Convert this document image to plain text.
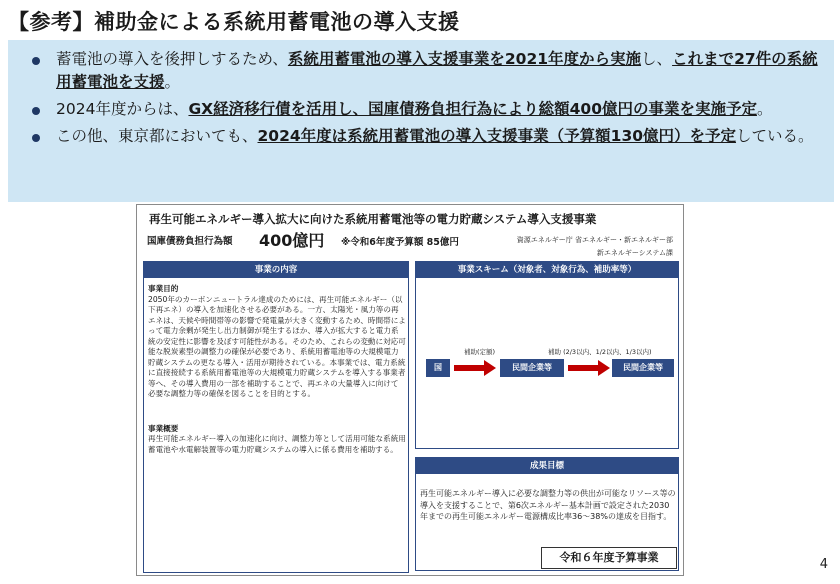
【参考】補助金による系統用蓄電池の導入支援
蓄電池の導入を後押しするため、系統用蓄電池の導入支援事業を2021年度から実施し、これまで27件の系統用蓄電池を支援。
2024年度からは、GX経済移行債を活用し、国庫債務負担行為により総額400億円の事業を実施予定。
この他、東京都においても、2024年度は系統用蓄電池の導入支援事業（予算額130億円）を予定している。
再生可能エネルギー導入拡大に向けた系統用蓄電池等の電力貯蔵システム導入支援事業
国庫債務負担行為額 400億円 ※令和6年度予算額 85億円	資源エネルギー庁 省エネルギー・新エネルギー部
新エネルギーシステム課
事業の内容
事業目的
2050年のカーボンニュートラル達成のためには、再生可能エネルギー（以下再エネ）の導入を加速化させる必要がある。一方、太陽光・風力等の再エネは、天候や時間帯等の影響で発電量が大きく変動するため、時間帯によって電力余剰が発生し出力制御が発生するほか、導入が拡大すると電力系統の安定性に影響を及ぼす可能性がある。そのため、これらの変動に対応可能な脱炭素型の調整力の確保が必要であり、系統用蓄電池等の大規模電力貯蔵システムの更なる導入・活用が期待されている。本事業では、電力系統に直接接続する系統用蓄電池等の大規模電力貯蔵システムを導入する事業者等へ、その導入費用の一部を補助することで、再エネの大量導入に向けて必要な調整力等の確保を図ることを目的とする。
事業概要
再生可能エネルギー導入の加速化に向け、調整力等として活用可能な系統用蓄電池や水電解装置等の電力貯蔵システムの導入に係る費用を補助する。
事業スキーム（対象者、対象行為、補助率等）
補助(定額)	補助 (2/3以内、1/2以内、1/3以内)
国	民間企業等	民間企業等
成果目標
再生可能エネルギー導入に必要な調整力等の供出が可能なリソース等の導入を支援することで、第6次エネルギー基本計画で設定された2030年までの再生可能エネルギー電源構成比率36～38%の達成を目指す。
令和６年度予算事業	4
